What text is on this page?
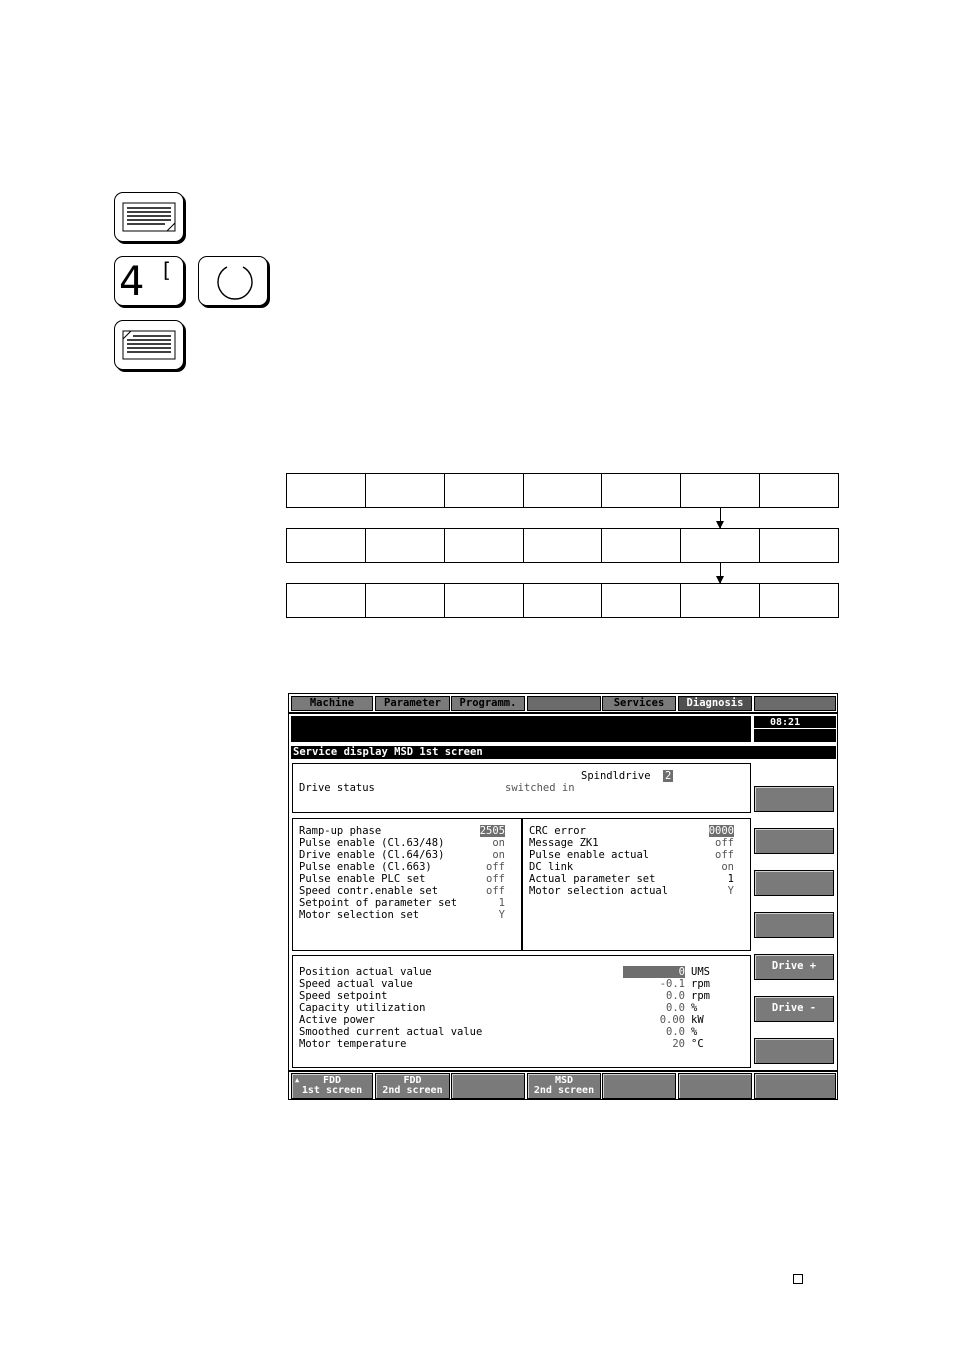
4 [
Machine	Parameter	Programm.	Services	Diagnosis
08:21
Service display MSD 1st screen
Spindldrive 2
Drive status	switched in
Ramp-up phase	2505
Pulse enable (Cl.63/48)	on
Drive enable (Cl.64/63)	on
Pulse enable (Cl.663)	off
Pulse enable PLC set	off
Speed contr.enable set	off
Setpoint of parameter set	1
Motor selection set	Y
CRC error	0000
Message ZK1	off
Pulse enable actual	off
DC link	on
Actual parameter set	1
Motor selection actual	Y
Position actual value	0 UMS
Speed actual value	-0.1 rpm
Speed setpoint	0.0 rpm
Capacity utilization	0.0 %
Active power	0.00 kW
Smoothed current actual value	0.0 %
Motor temperature	20 °C
Drive +
Drive -
▲	FDD
1st screen
FDD
2nd screen
MSD
2nd screen
